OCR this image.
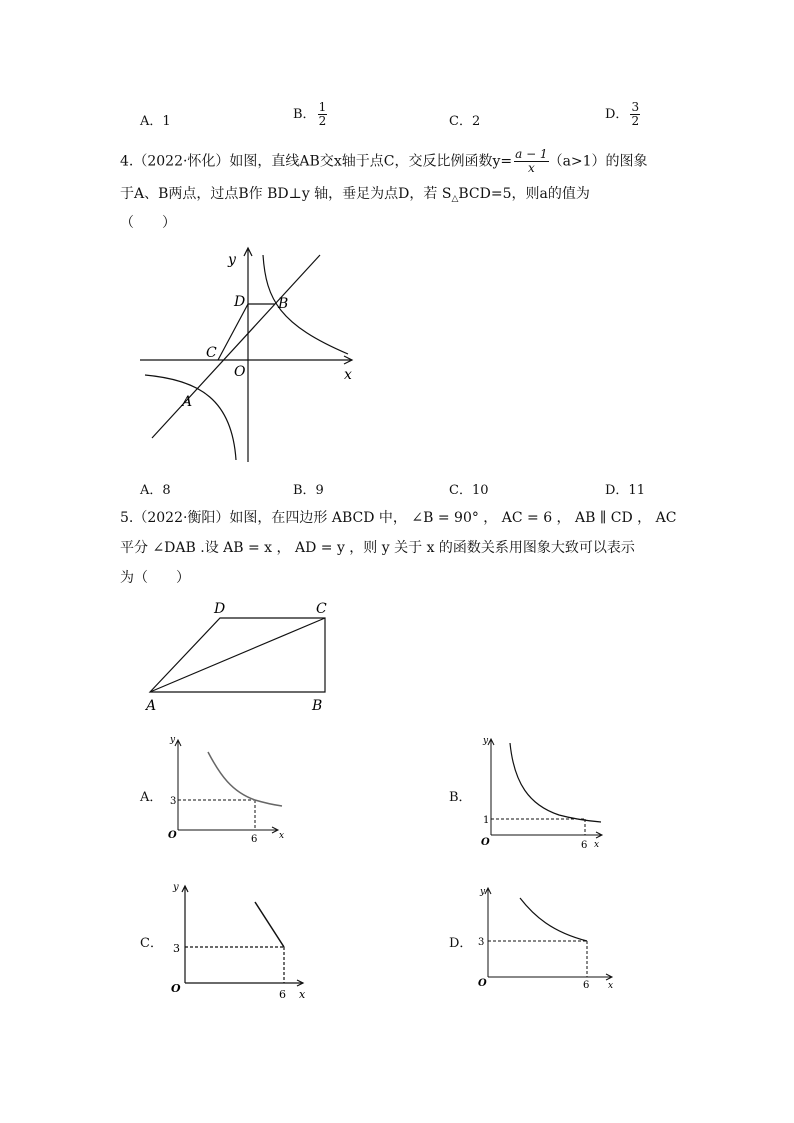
A．1	B． $\frac{1}{2}$	C．2	D． $\frac{3}{2}$
4.（2022·怀化）如图，直线AB交x轴于点C，交反比例函数$y= \frac{a - 1}{x} (a>1)$的图象
于A、B两点，过点B作 BD⊥y 轴，垂足为点D，若 $S_\triangle BCD=5$，则a的值为
（　　）
y
x
O
D B
C
A
A．8	B．9	C．10	D．11
5.（2022·衡阳）如图，在四边形 ABCD 中， ∠B = 90° ， AC = 6 ， AB ∥ CD ， AC
平分 ∠DAB .设 AB = x ， AD = y ，则 y 关于 x 的函数关系用图象大致可以表示
为（　　）
D	C
A	B
A．
y
x
O
3
6
B．
y
x
O
1
6
C．
y
x
O
3
6
D．
y
x
O
3
6
